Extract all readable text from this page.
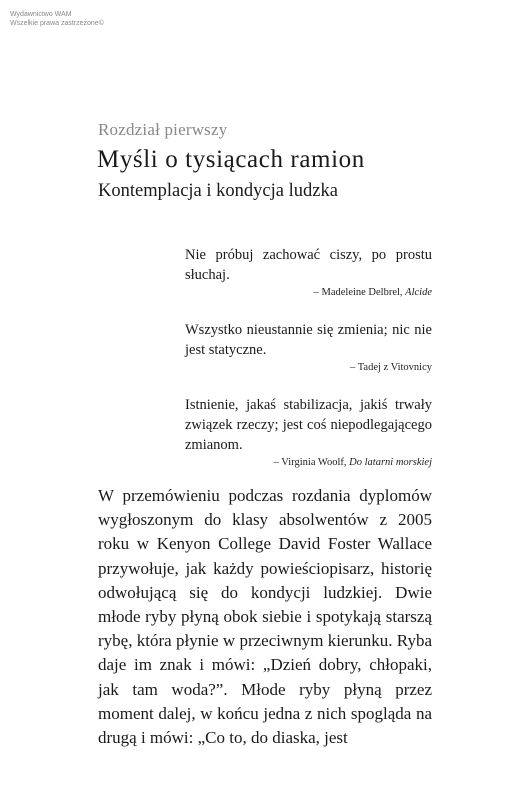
Wydawnictwo WAM
Wszelkie prawa zastrzeżone©
Rozdział pierwszy
Myśli o tysiącach ramion
Kontemplacja i kondycja ludzka

Nie próbuj zachować ciszy, po prostu słuchaj.

– Madeleine Delbrel, Alcide

Wszystko nieustannie się zmienia; nic nie jest statyczne.

– Tadej z Vitovnicy

Istnienie, jakaś stabilizacja, jakiś trwały związek rzeczy; jest coś niepodlegającego zmianom.

– Virginia Woolf, Do latarni morskiej

W przemówieniu podczas rozdania dyplomów wygłoszonym do klasy absolwentów z 2005 roku w Kenyon College David Foster Wallace przywołuje, jak każdy powieściopisarz, historię odwołującą się do kondycji ludzkiej. Dwie młode ryby płyną obok siebie i spotykają starszą rybę, która płynie w przeciwnym kierunku. Ryba daje im znak i mówi: „Dzień dobry, chłopaki, jak tam woda?”. Młode ryby płyną przez moment dalej, w końcu jedna z nich spogląda na drugą i mówi: „Co to, do diaska, jest
